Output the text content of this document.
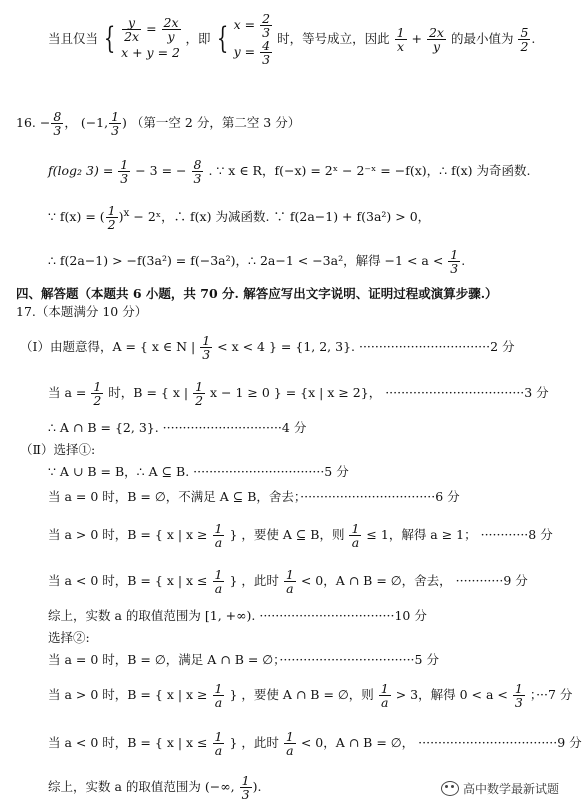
当且仅当 { $\frac{y}{2x} = \frac{2x}{y}$
x + y = 2
，即 { $x = \frac{2}{3}$
$y = \frac{4}{3}$
时，等号成立，因此 $\frac{1}{x} + \frac{2x}{y}$ 的最小值为 $\frac{5}{2}$ .
16. − $\frac{8}{3}$ ， (−1, $\frac{1}{3}$ ) （第一空 2 分，第二空 3 分）
f(log₂ $3) = \frac{1}{3} - 3$ = − $\frac{8}{3}$ . ∵ x ∈ R，f(−x) = 2ˣ − 2⁻ˣ = −f(x)，∴ f(x) 为奇函数.
∵ f(x) = ( $\frac{1}{2} )^x$ − 2ˣ，∴ f(x) 为减函数. ∵ f(2a−1) + f(3a²) > 0，
∴ f(2a−1) > −f(3a²) = f(−3a²)，∴ 2a−1 < −3a²，解得 $-1 < a < \frac{1}{3}$ .
四、解答题（本题共 6 小题，共 70 分. 解答应写出文字说明、证明过程或演算步骤.）
17.（本题满分 10 分）
（Ⅰ）由题意得，A = { x ∈ N | $\frac{1}{3} < x < 4$ } = {1, 2, 3}. ·································2 分
当 $a = \frac{1}{2}$ 时，B = { x | $\frac{1}{2}$ x − 1 ≥ 0 } = {x | x ≥ 2}， ···································3 分
∴ A ∩ B = {2, 3}. ······························4 分
（Ⅱ）选择①:
∵ A ∪ B = B，∴ A ⊆ B. ·································5 分
当 a = 0 时，B = ∅，不满足 A ⊆ B，舍去；··································6 分
当 a > 0 时，B = { x | $x \ge \frac{1}{a}$ } ，要使 A ⊆ B，则 $\frac{1}{a} \le 1$，解得 a ≥ 1； ············8 分
当 a < 0 时，B = { x | $x \le \frac{1}{a}$ } ，此时 $\frac{1}{a} < 0$，A ∩ B = ∅，舍去， ············9 分
综上，实数 a 的取值范围为 [1, +∞). ··································10 分
选择②:
当 a = 0 时，B = ∅，满足 A ∩ B = ∅；··································5 分
当 a > 0 时，B = { x | $x \ge \frac{1}{a}$ } ，要使 A ∩ B = ∅，则 $\frac{1}{a} > 3$，解得 $0 < a < \frac{1}{3}$ ；···7 分
当 a < 0 时，B = { x | $x \le \frac{1}{a}$ } ，此时 $\frac{1}{a} < 0$，A ∩ B = ∅， ···································9 分
综上，实数 a 的取值范围为 (−∞, $\frac{1}{3}$ ).	高中数学最新试题
